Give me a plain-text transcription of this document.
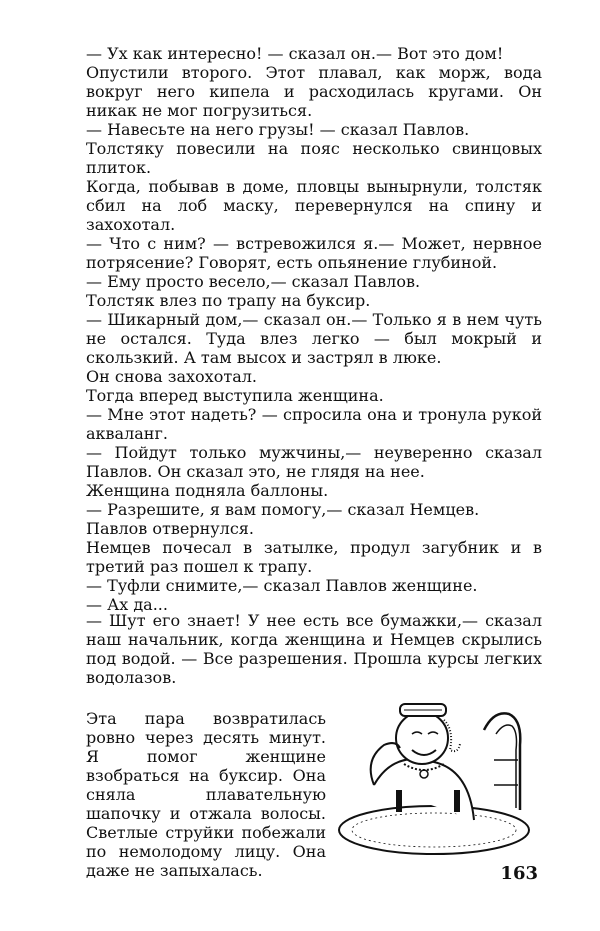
— Ух как интересно! — сказал он.— Вот это дом!

Опустили второго. Этот плавал, как морж, вода вокруг него кипела и расходилась кругами. Он никак не мог погрузиться.

— Навесьте на него грузы! — сказал Павлов.

Толстяку повесили на пояс несколько свинцовых плиток.

Когда, побывав в доме, пловцы вынырнули, толстяк сбил на лоб маску, перевернулся на спину и захохотал.

— Что с ним? — встревожился я.— Может, нервное потрясение? Говорят, есть опьянение глубиной.

— Ему просто весело,— сказал Павлов.

Толстяк влез по трапу на буксир.

— Шикарный дом,— сказал он.— Только я в нем чуть не остался. Туда влез легко — был мокрый и скользкий. А там высох и застрял в люке.

Он снова захохотал.

Тогда вперед выступила женщина.

— Мне этот надеть? — спросила она и тронула рукой акваланг.

— Пойдут только мужчины,— неуверенно сказал Павлов. Он сказал это, не глядя на нее.

Женщина подняла баллоны.

— Разрешите, я вам помогу,— сказал Немцев.

Павлов отвернулся.

Немцев почесал в затылке, продул загубник и в третий раз пошел к трапу.

— Туфли снимите,— сказал Павлов женщине.

— Ах да...

— Шут его знает! У нее есть все бумажки,— сказал наш начальник, когда женщина и Немцев скрылись под водой. — Все разрешения. Прошла курсы легких водолазов.
Эта пара возвратилась ровно через десять минут. Я помог женщине взобраться на буксир. Она сняла плавательную шапочку и отжала волосы. Светлые струйки побежали по немолодому лицу. Она даже не запыхалась.	163
